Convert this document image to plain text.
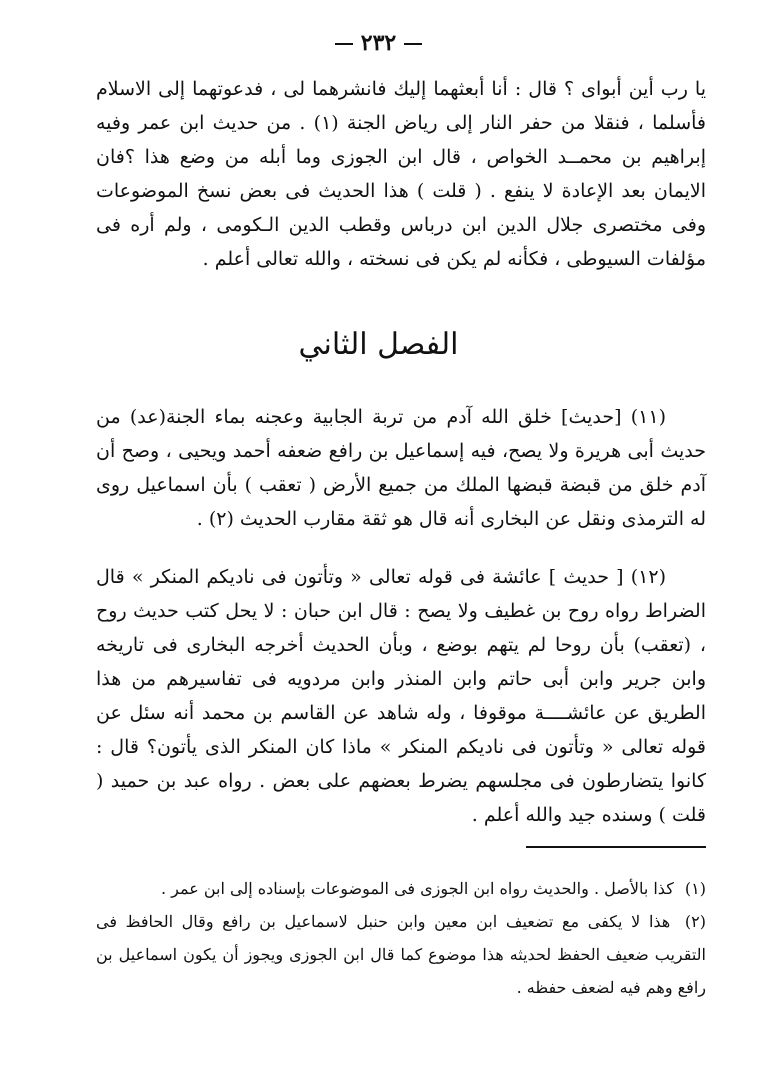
٢٣٢

يا رب أين أبواى ؟ قال : أنا أبعثهما إليك فانشرهما لى ، فدعوتهما إلى الاسلام فأسلما ، فنقلا من حفر النار إلى رياض الجنة (١) . من حديث ابن عمر وفيه إبراهيم بن محمــد الخواص ، قال ابن الجوزى وما أبله من وضع هذا ؟فان الايمان بعد الإعادة لا ينفع . ( قلت ) هذا الحديث فى بعض نسخ الموضوعات وفى مختصرى جلال الدين ابن درباس وقطب الدين الـكومى ، ولم أره فى مؤلفات السيوطى ، فكأنه لم يكن فى نسخته ، والله تعالى أعلم .

الفصل الثاني

(١١) [حديث] خلق الله آدم من تربة الجابية وعجنه بماء الجنة(عد) من حديث أبى هريرة ولا يصح، فيه إسماعيل بن رافع ضعفه أحمد ويحيى ، وصح أن آدم خلق من قبضة قبضها الملك من جميع الأرض ( تعقب ) بأن اسماعيل روى له الترمذى ونقل عن البخارى أنه قال هو ثقة مقارب الحديث (٢) .

(١٢) [ حديث ] عائشة فى قوله تعالى « وتأتون فى ناديكم المنكر » قال الضراط رواه روح بن غطيف ولا يصح : قال ابن حبان : لا يحل كتب حديث روح ، (تعقب) بأن روحا لم يتهم بوضع ، وبأن الحديث أخرجه البخارى فى تاريخه وابن جرير وابن أبى حاتم وابن المنذر وابن مردويه فى تفاسيرهم من هذا الطريق عن عائشــــة موقوفا ، وله شاهد عن القاسم بن محمد أنه سئل عن قوله تعالى « وتأتون فى ناديكم المنكر » ماذا كان المنكر الذى يأتون؟ قال : كانوا يتضارطون فى مجلسهم يضرط بعضهم على بعض . رواه عبد بن حميد ( قلت ) وسنده جيد والله أعلم .

(١) كذا بالأصل . والحديث رواه ابن الجوزى فى الموضوعات بإسناده إلى ابن عمر .

(٢) هذا لا يكفى مع تضعيف ابن معين وابن حنبل لاسماعيل بن رافع وقال الحافظ فى التقريب ضعيف الحفظ لحديثه هذا موضوع كما قال ابن الجوزى ويجوز أن يكون اسماعيل بن رافع وهم فيه لضعف حفظه .
